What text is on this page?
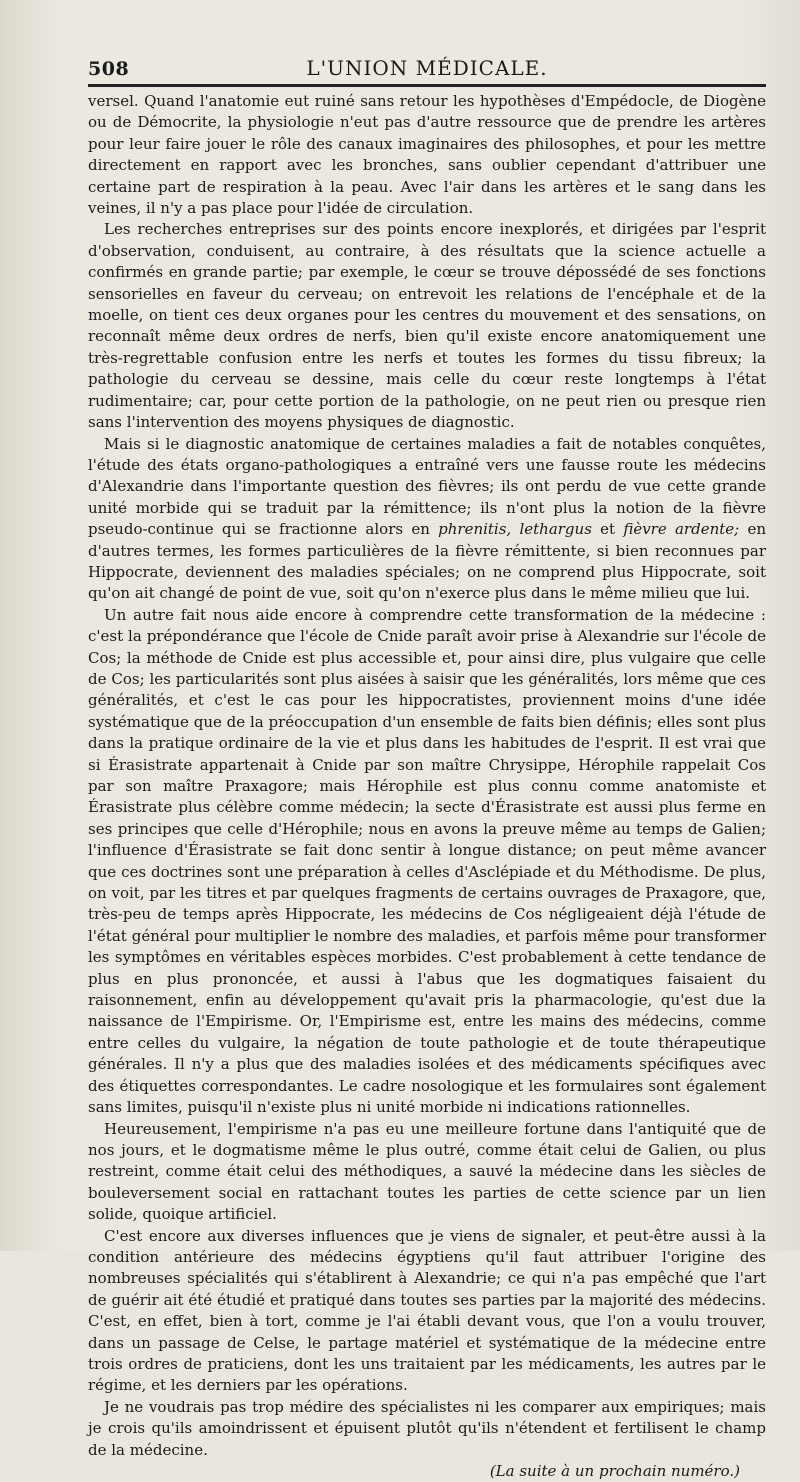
508	L'UNION MÉDICALE.

versel. Quand l'anatomie eut ruiné sans retour les hypothèses d'Empédocle, de Diogène ou de Démocrite, la physiologie n'eut pas d'autre ressource que de prendre les artères pour leur faire jouer le rôle des canaux imaginaires des philosophes, et pour les mettre directement en rapport avec les bronches, sans oublier cependant d'attribuer une certaine part de respiration à la peau. Avec l'air dans les artères et le sang dans les veines, il n'y a pas place pour l'idée de circulation.

Les recherches entreprises sur des points encore inexplorés, et dirigées par l'esprit d'observation, conduisent, au contraire, à des résultats que la science actuelle a confirmés en grande partie; par exemple, le cœur se trouve dépossédé de ses fonctions sensorielles en faveur du cerveau; on entrevoit les relations de l'encéphale et de la moelle, on tient ces deux organes pour les centres du mouvement et des sensations, on reconnaît même deux ordres de nerfs, bien qu'il existe encore anatomiquement une très-regrettable confusion entre les nerfs et toutes les formes du tissu fibreux; la pathologie du cerveau se dessine, mais celle du cœur reste longtemps à l'état rudimentaire; car, pour cette portion de la pathologie, on ne peut rien ou presque rien sans l'intervention des moyens physiques de diagnostic.

Mais si le diagnostic anatomique de certaines maladies a fait de notables conquêtes, l'étude des états organo-pathologiques a entraîné vers une fausse route les médecins d'Alexandrie dans l'importante question des fièvres; ils ont perdu de vue cette grande unité morbide qui se traduit par la rémittence; ils n'ont plus la notion de la fièvre pseudo-continue qui se fractionne alors en phrenitis, lethargus et fièvre ardente; en d'autres termes, les formes particulières de la fièvre rémittente, si bien reconnues par Hippocrate, deviennent des maladies spéciales; on ne comprend plus Hippocrate, soit qu'on ait changé de point de vue, soit qu'on n'exerce plus dans le même milieu que lui.

Un autre fait nous aide encore à comprendre cette transformation de la médecine : c'est la prépondérance que l'école de Cnide paraît avoir prise à Alexandrie sur l'école de Cos; la méthode de Cnide est plus accessible et, pour ainsi dire, plus vulgaire que celle de Cos; les particularités sont plus aisées à saisir que les généralités, lors même que ces généralités, et c'est le cas pour les hippocratistes, proviennent moins d'une idée systématique que de la préoccupation d'un ensemble de faits bien définis; elles sont plus dans la pratique ordinaire de la vie et plus dans les habitudes de l'esprit. Il est vrai que si Érasistrate appartenait à Cnide par son maître Chrysippe, Hérophile rappelait Cos par son maître Praxagore; mais Hérophile est plus connu comme anatomiste et Érasistrate plus célèbre comme médecin; la secte d'Érasistrate est aussi plus ferme en ses principes que celle d'Hérophile; nous en avons la preuve même au temps de Galien; l'influence d'Érasistrate se fait donc sentir à longue distance; on peut même avancer que ces doctrines sont une préparation à celles d'Asclépiade et du Méthodisme. De plus, on voit, par les titres et par quelques fragments de certains ouvrages de Praxagore, que, très-peu de temps après Hippocrate, les médecins de Cos négligeaient déjà l'étude de l'état général pour multiplier le nombre des maladies, et parfois même pour transformer les symptômes en véritables espèces morbides. C'est probablement à cette tendance de plus en plus prononcée, et aussi à l'abus que les dogmatiques faisaient du raisonnement, enfin au développement qu'avait pris la pharmacologie, qu'est due la naissance de l'Empirisme. Or, l'Empirisme est, entre les mains des médecins, comme entre celles du vulgaire, la négation de toute pathologie et de toute thérapeutique générales. Il n'y a plus que des maladies isolées et des médicaments spécifiques avec des étiquettes correspondantes. Le cadre nosologique et les formulaires sont également sans limites, puisqu'il n'existe plus ni unité morbide ni indications rationnelles.

Heureusement, l'empirisme n'a pas eu une meilleure fortune dans l'antiquité que de nos jours, et le dogmatisme même le plus outré, comme était celui de Galien, ou plus restreint, comme était celui des méthodiques, a sauvé la médecine dans les siècles de bouleversement social en rattachant toutes les parties de cette science par un lien solide, quoique artificiel.

C'est encore aux diverses influences que je viens de signaler, et peut-être aussi à la condition antérieure des médecins égyptiens qu'il faut attribuer l'origine des nombreuses spécialités qui s'établirent à Alexandrie; ce qui n'a pas empêché que l'art de guérir ait été étudié et pratiqué dans toutes ses parties par la majorité des médecins. C'est, en effet, bien à tort, comme je l'ai établi devant vous, que l'on a voulu trouver, dans un passage de Celse, le partage matériel et systématique de la médecine entre trois ordres de praticiens, dont les uns traitaient par les médicaments, les autres par le régime, et les derniers par les opérations.

Je ne voudrais pas trop médire des spécialistes ni les comparer aux empiriques; mais je crois qu'ils amoindrissent et épuisent plutôt qu'ils n'étendent et fertilisent le champ de la médecine.

(La suite à un prochain numéro.)
